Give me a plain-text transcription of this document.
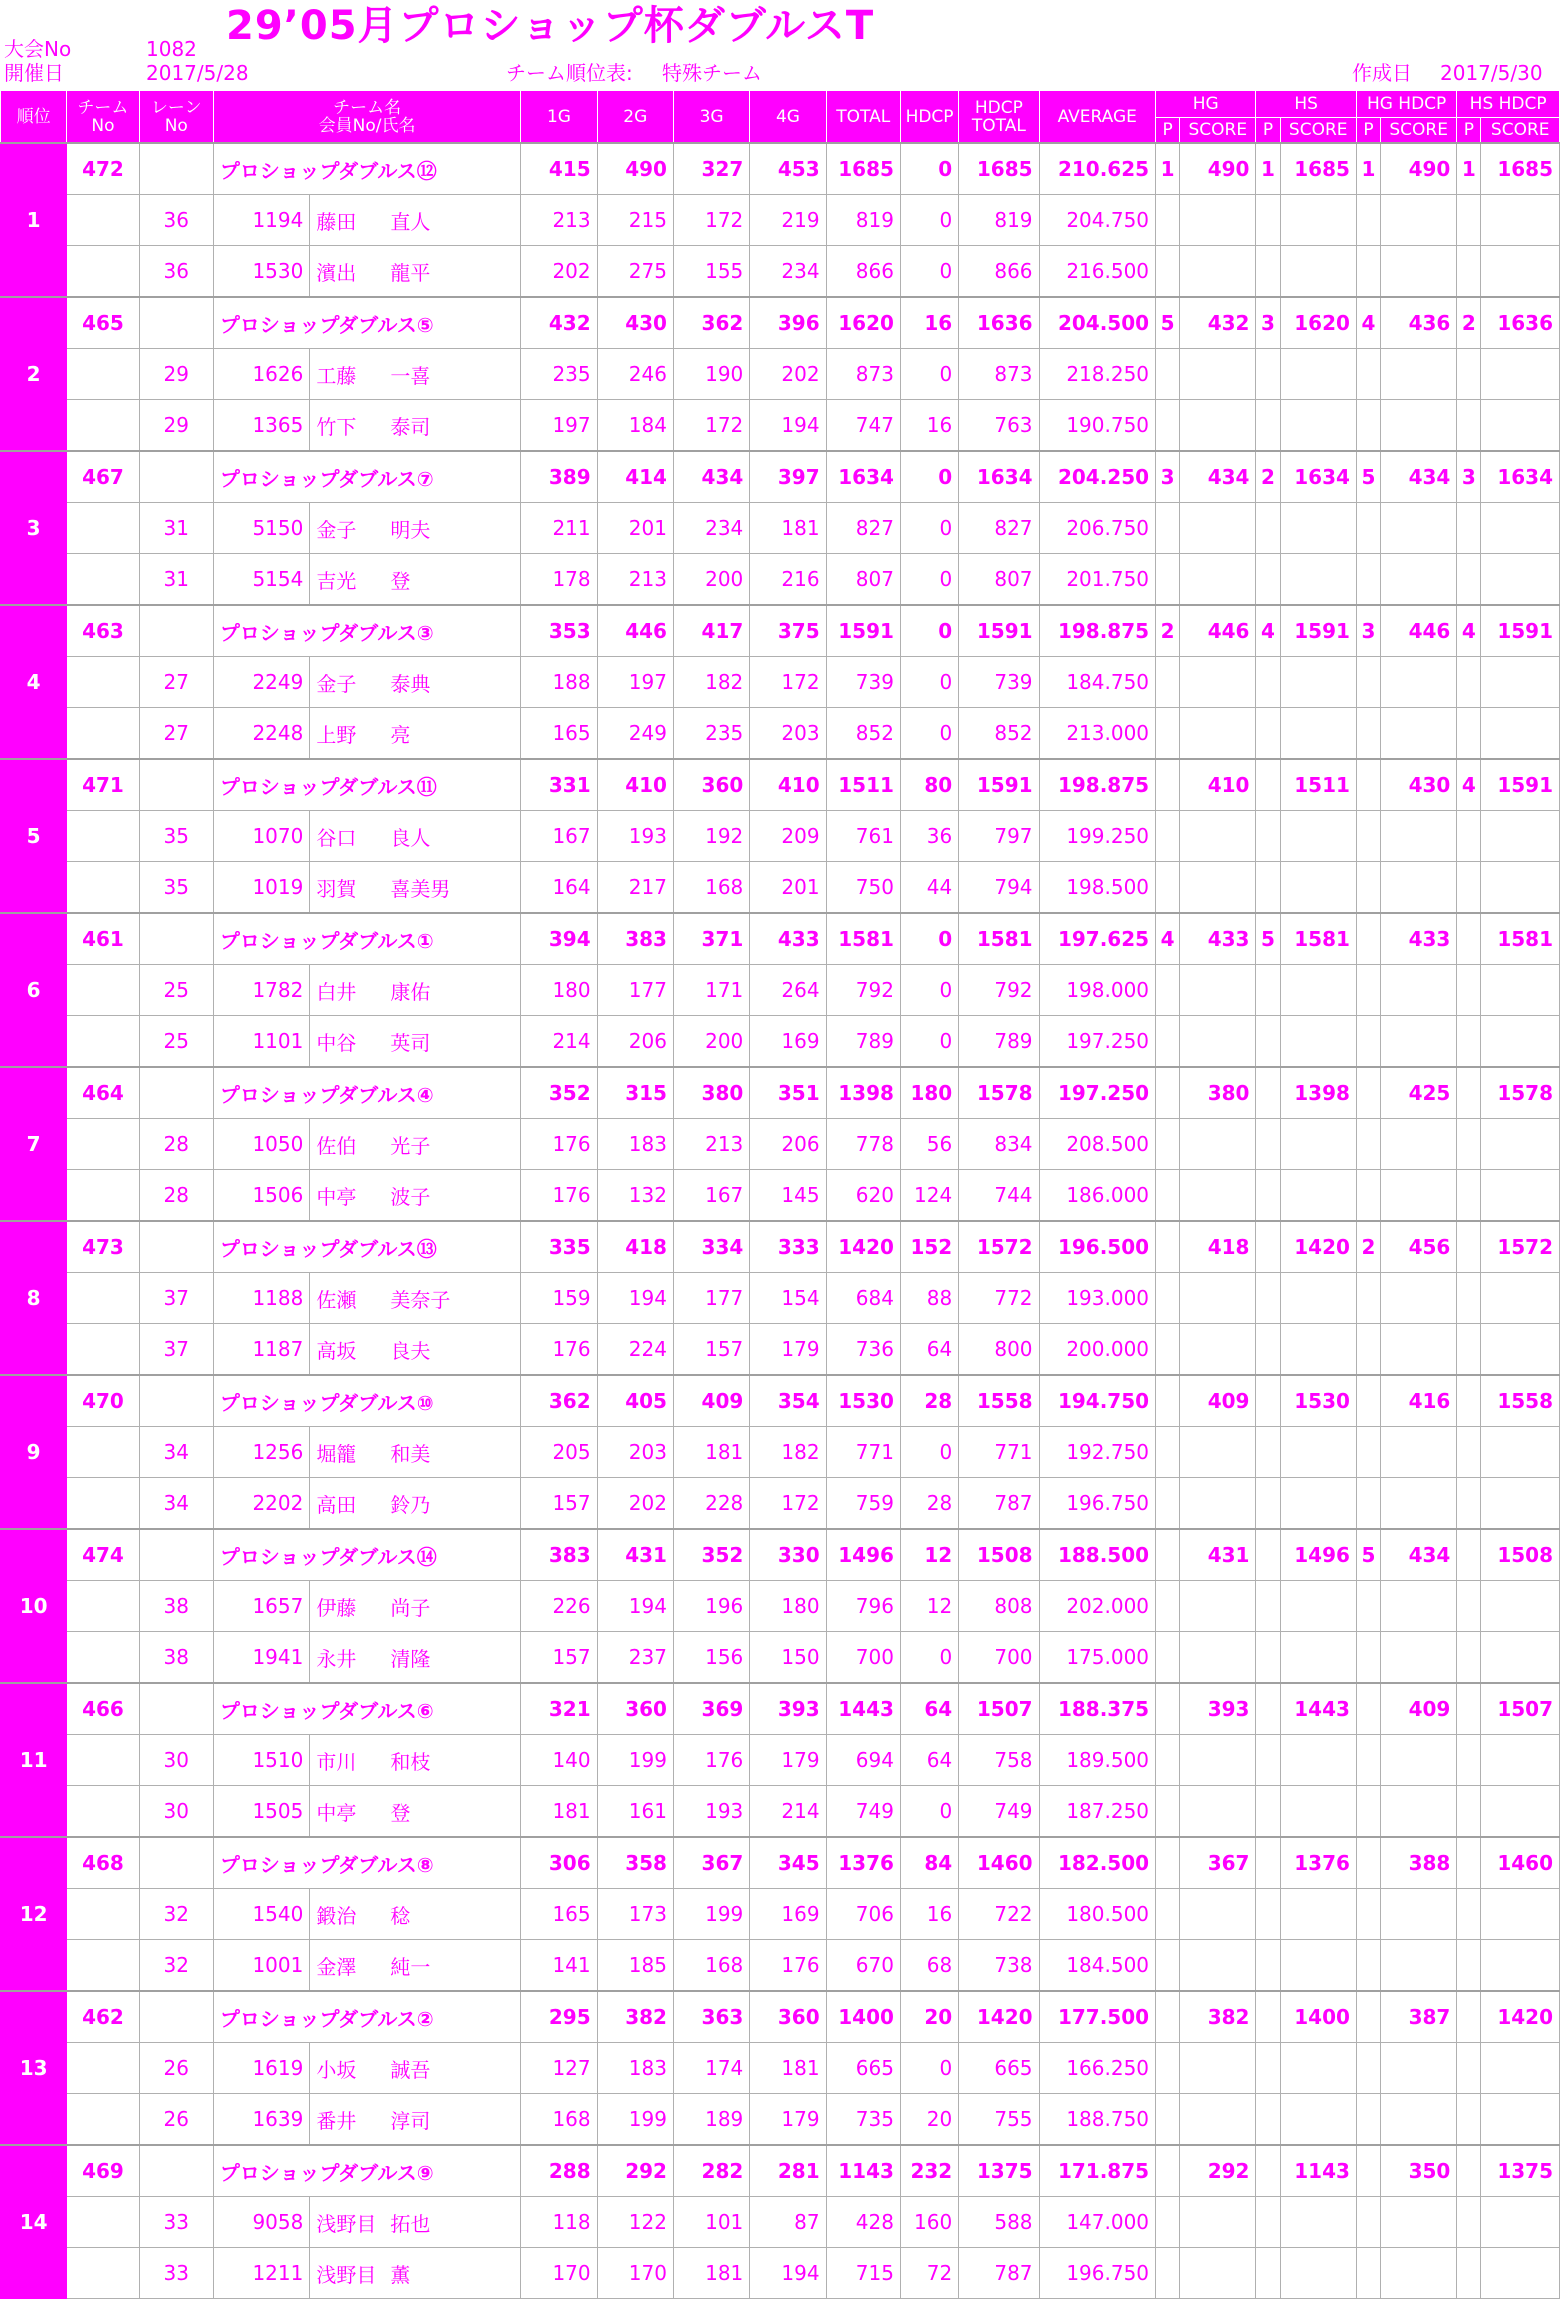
大会No	1082 29’05月プロショップ杯ダブルスT
開催日	2017/5/28	チーム順位表: 特殊チーム	作成日 2017/5/30
順位	チーム
No	レーン
No	チーム名
会員No/氏名		1G	2G	3G	4G	TOTAL	HDCP	HDCP
TOTAL	AVERAGE	HG		HS		HG HDCP		HS HDCP	
													P	SCORE	P	SCORE	P	SCORE	P	SCORE
1	472		プロショップダブルス⑫		415	490	327	453	1685	0	1685	210.625	1	490	1	1685	1	490	1	1685
		36	1194	藤田 直人	213	215	172	219	819	0	819	204.750								
		36	1530	濱出 龍平	202	275	155	234	866	0	866	216.500								
2	465		プロショップダブルス⑤		432	430	362	396	1620	16	1636	204.500	5	432	3	1620	4	436	2	1636
		29	1626	工藤 一喜	235	246	190	202	873	0	873	218.250								
		29	1365	竹下 泰司	197	184	172	194	747	16	763	190.750								
3	467		プロショップダブルス⑦		389	414	434	397	1634	0	1634	204.250	3	434	2	1634	5	434	3	1634
		31	5150	金子 明夫	211	201	234	181	827	0	827	206.750								
		31	5154	吉光 登	178	213	200	216	807	0	807	201.750								
4	463		プロショップダブルス③		353	446	417	375	1591	0	1591	198.875	2	446	4	1591	3	446	4	1591
		27	2249	金子 泰典	188	197	182	172	739	0	739	184.750								
		27	2248	上野 亮	165	249	235	203	852	0	852	213.000								
5	471		プロショップダブルス⑪		331	410	360	410	1511	80	1591	198.875		410		1511		430	4	1591
		35	1070	谷口 良人	167	193	192	209	761	36	797	199.250								
		35	1019	羽賀 喜美男	164	217	168	201	750	44	794	198.500								
6	461		プロショップダブルス①		394	383	371	433	1581	0	1581	197.625	4	433	5	1581		433		1581
		25	1782	白井 康佑	180	177	171	264	792	0	792	198.000								
		25	1101	中谷 英司	214	206	200	169	789	0	789	197.250								
7	464		プロショップダブルス④		352	315	380	351	1398	180	1578	197.250		380		1398		425		1578
		28	1050	佐伯 光子	176	183	213	206	778	56	834	208.500								
		28	1506	中亭 波子	176	132	167	145	620	124	744	186.000								
8	473		プロショップダブルス⑬		335	418	334	333	1420	152	1572	196.500		418		1420	2	456		1572
		37	1188	佐瀬 美奈子	159	194	177	154	684	88	772	193.000								
		37	1187	高坂 良夫	176	224	157	179	736	64	800	200.000								
9	470		プロショップダブルス⑩		362	405	409	354	1530	28	1558	194.750		409		1530		416		1558
		34	1256	堀籠 和美	205	203	181	182	771	0	771	192.750								
		34	2202	高田 鈴乃	157	202	228	172	759	28	787	196.750								
10	474		プロショップダブルス⑭		383	431	352	330	1496	12	1508	188.500		431		1496	5	434		1508
		38	1657	伊藤 尚子	226	194	196	180	796	12	808	202.000								
		38	1941	永井 清隆	157	237	156	150	700	0	700	175.000								
11	466		プロショップダブルス⑥		321	360	369	393	1443	64	1507	188.375		393		1443		409		1507
		30	1510	市川 和枝	140	199	176	179	694	64	758	189.500								
		30	1505	中亭 登	181	161	193	214	749	0	749	187.250								
12	468		プロショップダブルス⑧		306	358	367	345	1376	84	1460	182.500		367		1376		388		1460
		32	1540	鍛治 稔	165	173	199	169	706	16	722	180.500								
		32	1001	金澤 純一	141	185	168	176	670	68	738	184.500								
13	462		プロショップダブルス②		295	382	363	360	1400	20	1420	177.500		382		1400		387		1420
		26	1619	小坂 誠吾	127	183	174	181	665	0	665	166.250								
		26	1639	番井 淳司	168	199	189	179	735	20	755	188.750								
14	469		プロショップダブルス⑨		288	292	282	281	1143	232	1375	171.875		292		1143		350		1375
		33	9058	浅野目 拓也	118	122	101	87	428	160	588	147.000								
		33	1211	浅野目 薫	170	170	181	194	715	72	787	196.750								
